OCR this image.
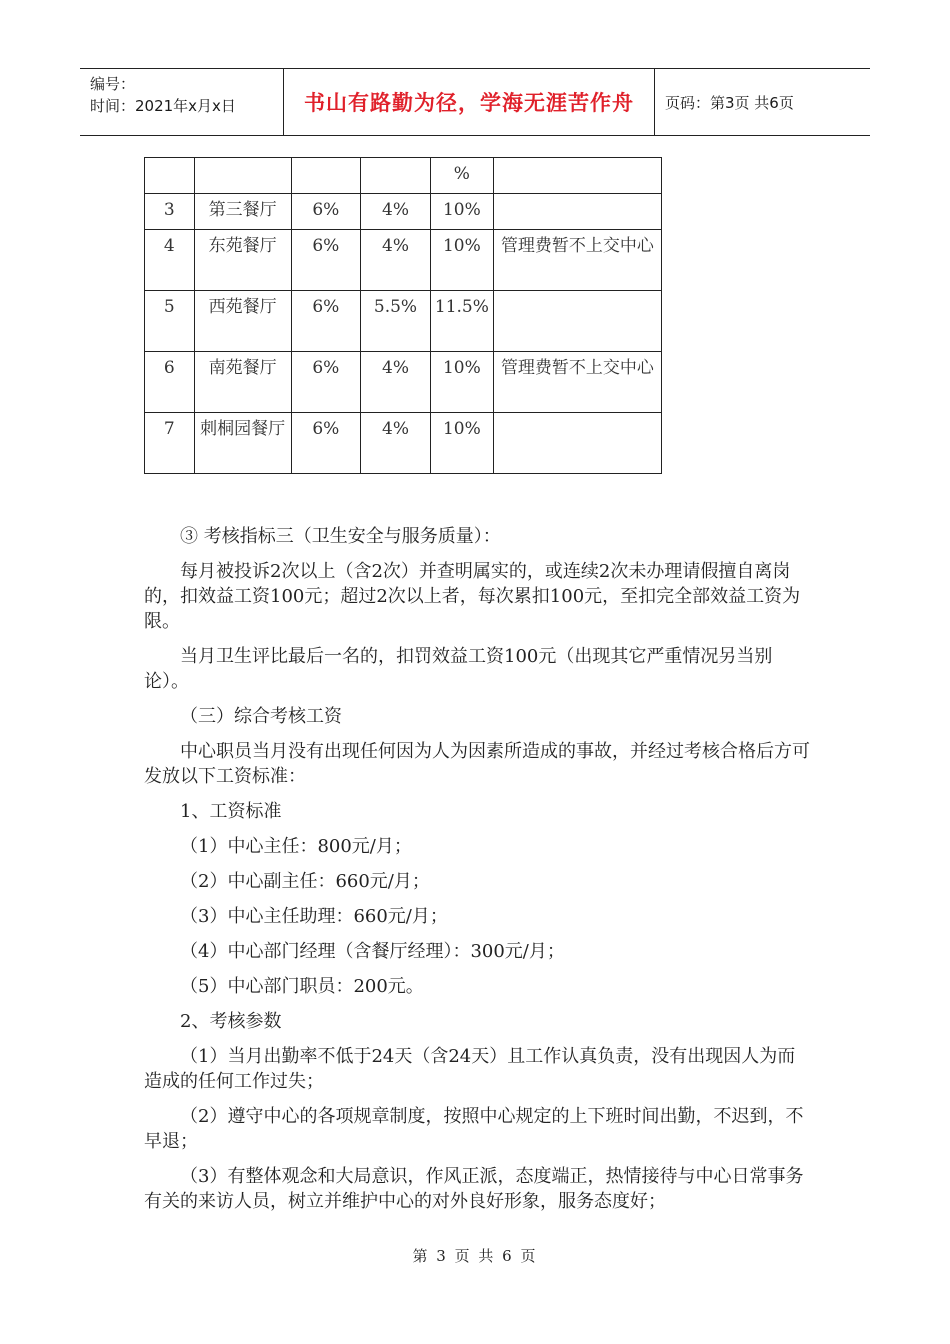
编号：
时间：2021年x月x日	书山有路勤为径，学海无涯苦作舟	页码：第3页 共6页
				%	
3	第三餐厅	6%	4%	10%	
4	东苑餐厅	6%	4%	10%	管理费暂不上交中心
5	西苑餐厅	6%	5.5%	11.5%	
6	南苑餐厅	6%	4%	10%	管理费暂不上交中心
7	刺桐园餐厅	6%	4%	10%	

③ 考核指标三（卫生安全与服务质量）：

每月被投诉2次以上（含2次）并查明属实的，或连续2次未办理请假擅自离岗的，扣效益工资100元；超过2次以上者，每次累扣100元，至扣完全部效益工资为限。

当月卫生评比最后一名的，扣罚效益工资100元（出现其它严重情况另当别论）。

（三）综合考核工资

中心职员当月没有出现任何因为人为因素所造成的事故，并经过考核合格后方可发放以下工资标准：

1、工资标准

（1）中心主任：800元/月；

（2）中心副主任：660元/月；

（3）中心主任助理：660元/月；

（4）中心部门经理（含餐厅经理）：300元/月；

（5）中心部门职员：200元。

2、考核参数

（1）当月出勤率不低于24天（含24天）且工作认真负责，没有出现因人为而造成的任何工作过失；

（2）遵守中心的各项规章制度，按照中心规定的上下班时间出勤，不迟到，不早退；

（3）有整体观念和大局意识，作风正派，态度端正，热情接待与中心日常事务有关的来访人员，树立并维护中心的对外良好形象，服务态度好；

第 3 页 共 6 页
